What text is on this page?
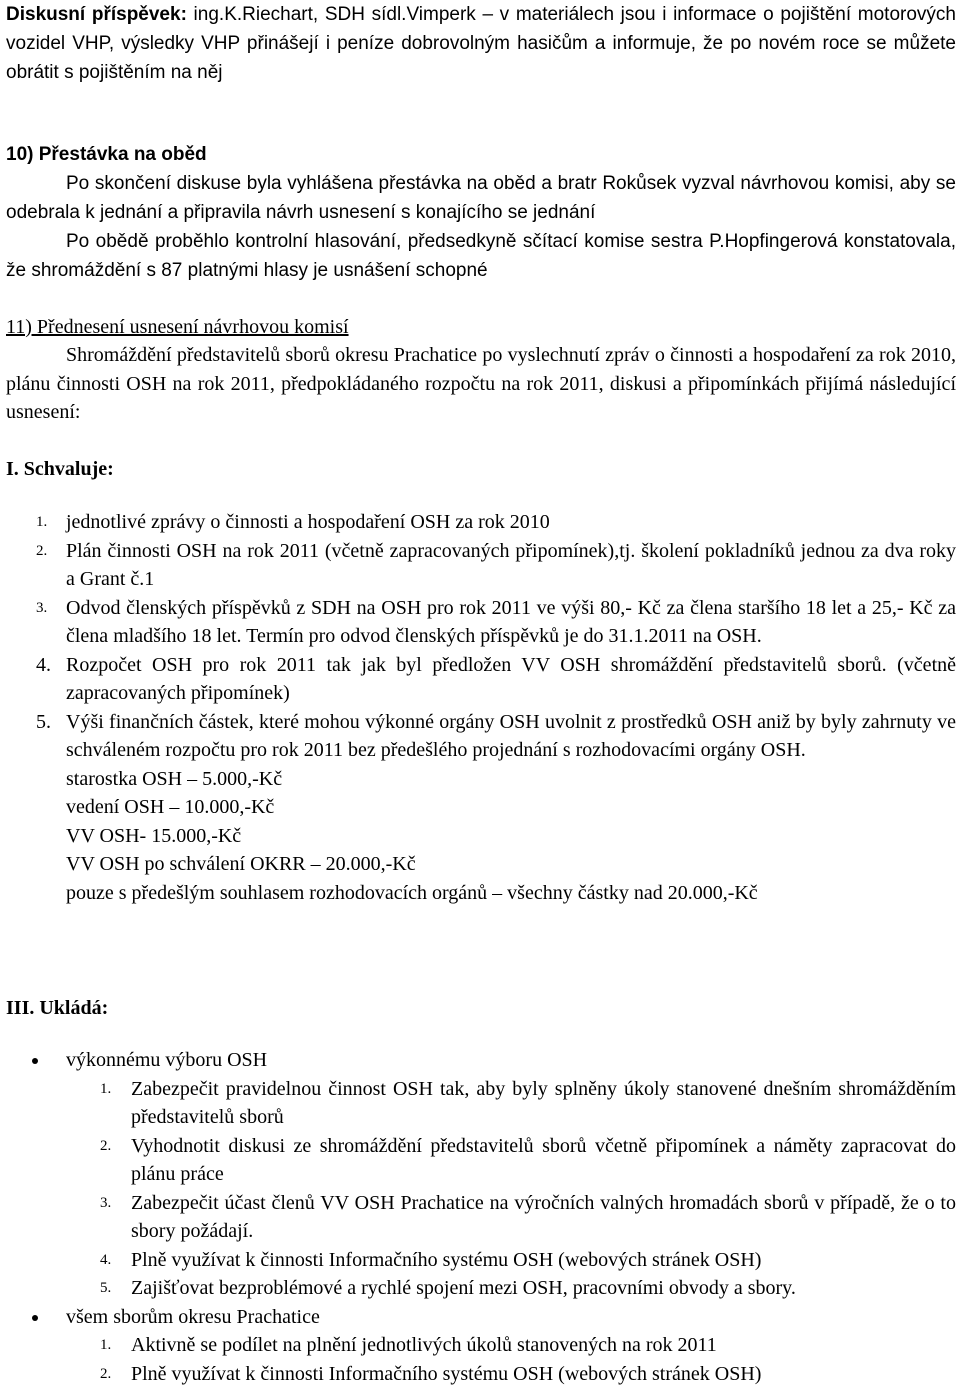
Diskusní příspěvek: ing.K.Riechart, SDH sídl.Vimperk – v materiálech jsou i informace o pojištění motorových vozidel VHP, výsledky VHP přinášejí i peníze dobrovolným hasičům a informuje, že po novém roce se můžete obrátit s pojištěním na něj
10) Přestávka na oběd
Po skončení diskuse byla vyhlášena přestávka na oběd a bratr Rokůsek vyzval návrhovou komisi, aby se odebrala k jednání a připravila návrh usnesení s konajícího se jednání
Po obědě proběhlo kontrolní hlasování, předsedkyně sčítací komise sestra P.Hopfingerová konstatovala, že shromáždění s 87 platnými hlasy je usnášení schopné
11) Přednesení usnesení návrhovou komisí
Shromáždění představitelů sborů okresu Prachatice po vyslechnutí zpráv o činnosti a hospodaření za rok 2010, plánu činnosti OSH na rok 2011, předpokládaného rozpočtu na rok 2011, diskusi a připomínkách přijímá následující usnesení:
I. Schvaluje:
1. jednotlivé zprávy o činnosti a hospodaření OSH za rok 2010
2. Plán činnosti OSH na rok 2011 (včetně zapracovaných připomínek),tj. školení pokladníků jednou za dva roky a Grant č.1
3. Odvod členských příspěvků z SDH na OSH pro rok 2011 ve výši 80,- Kč za člena staršího 18 let a 25,- Kč za člena mladšího 18 let. Termín pro odvod členských příspěvků je do 31.1.2011 na OSH.
4. Rozpočet OSH pro rok 2011 tak jak byl předložen VV OSH shromáždění představitelů sborů. (včetně zapracovaných připomínek)
5. Výši finančních částek, které mohou výkonné orgány OSH uvolnit z prostředků OSH aniž by byly zahrnuty ve schváleném rozpočtu pro rok 2011 bez předešlého projednání s rozhodovacími orgány OSH.
starostka OSH – 5.000,-Kč
vedení OSH – 10.000,-Kč
VV OSH- 15.000,-Kč
VV OSH po schválení OKRR – 20.000,-Kč
pouze s předešlým souhlasem rozhodovacích orgánů – všechny částky nad 20.000,-Kč
III. Ukládá:
výkonnému výboru OSH
1. Zabezpečit pravidelnou činnost OSH tak, aby byly splněny úkoly stanovené dnešním shromážděním představitelů sborů
2. Vyhodnotit diskusi ze shromáždění představitelů sborů včetně připomínek a náměty zapracovat do plánu práce
3. Zabezpečit účast členů VV OSH Prachatice na výročních valných hromadách sborů v případě, že o to sbory požádají.
4. Plně využívat k činnosti Informačního systému OSH (webových stránek OSH)
5. Zajišťovat bezproblémové a rychlé spojení mezi OSH, pracovními obvody a sbory.
všem sborům okresu Prachatice
1. Aktivně se podílet na plnění jednotlivých úkolů stanovených na rok 2011
2. Plně využívat k činnosti Informačního systému OSH (webových stránek OSH)
